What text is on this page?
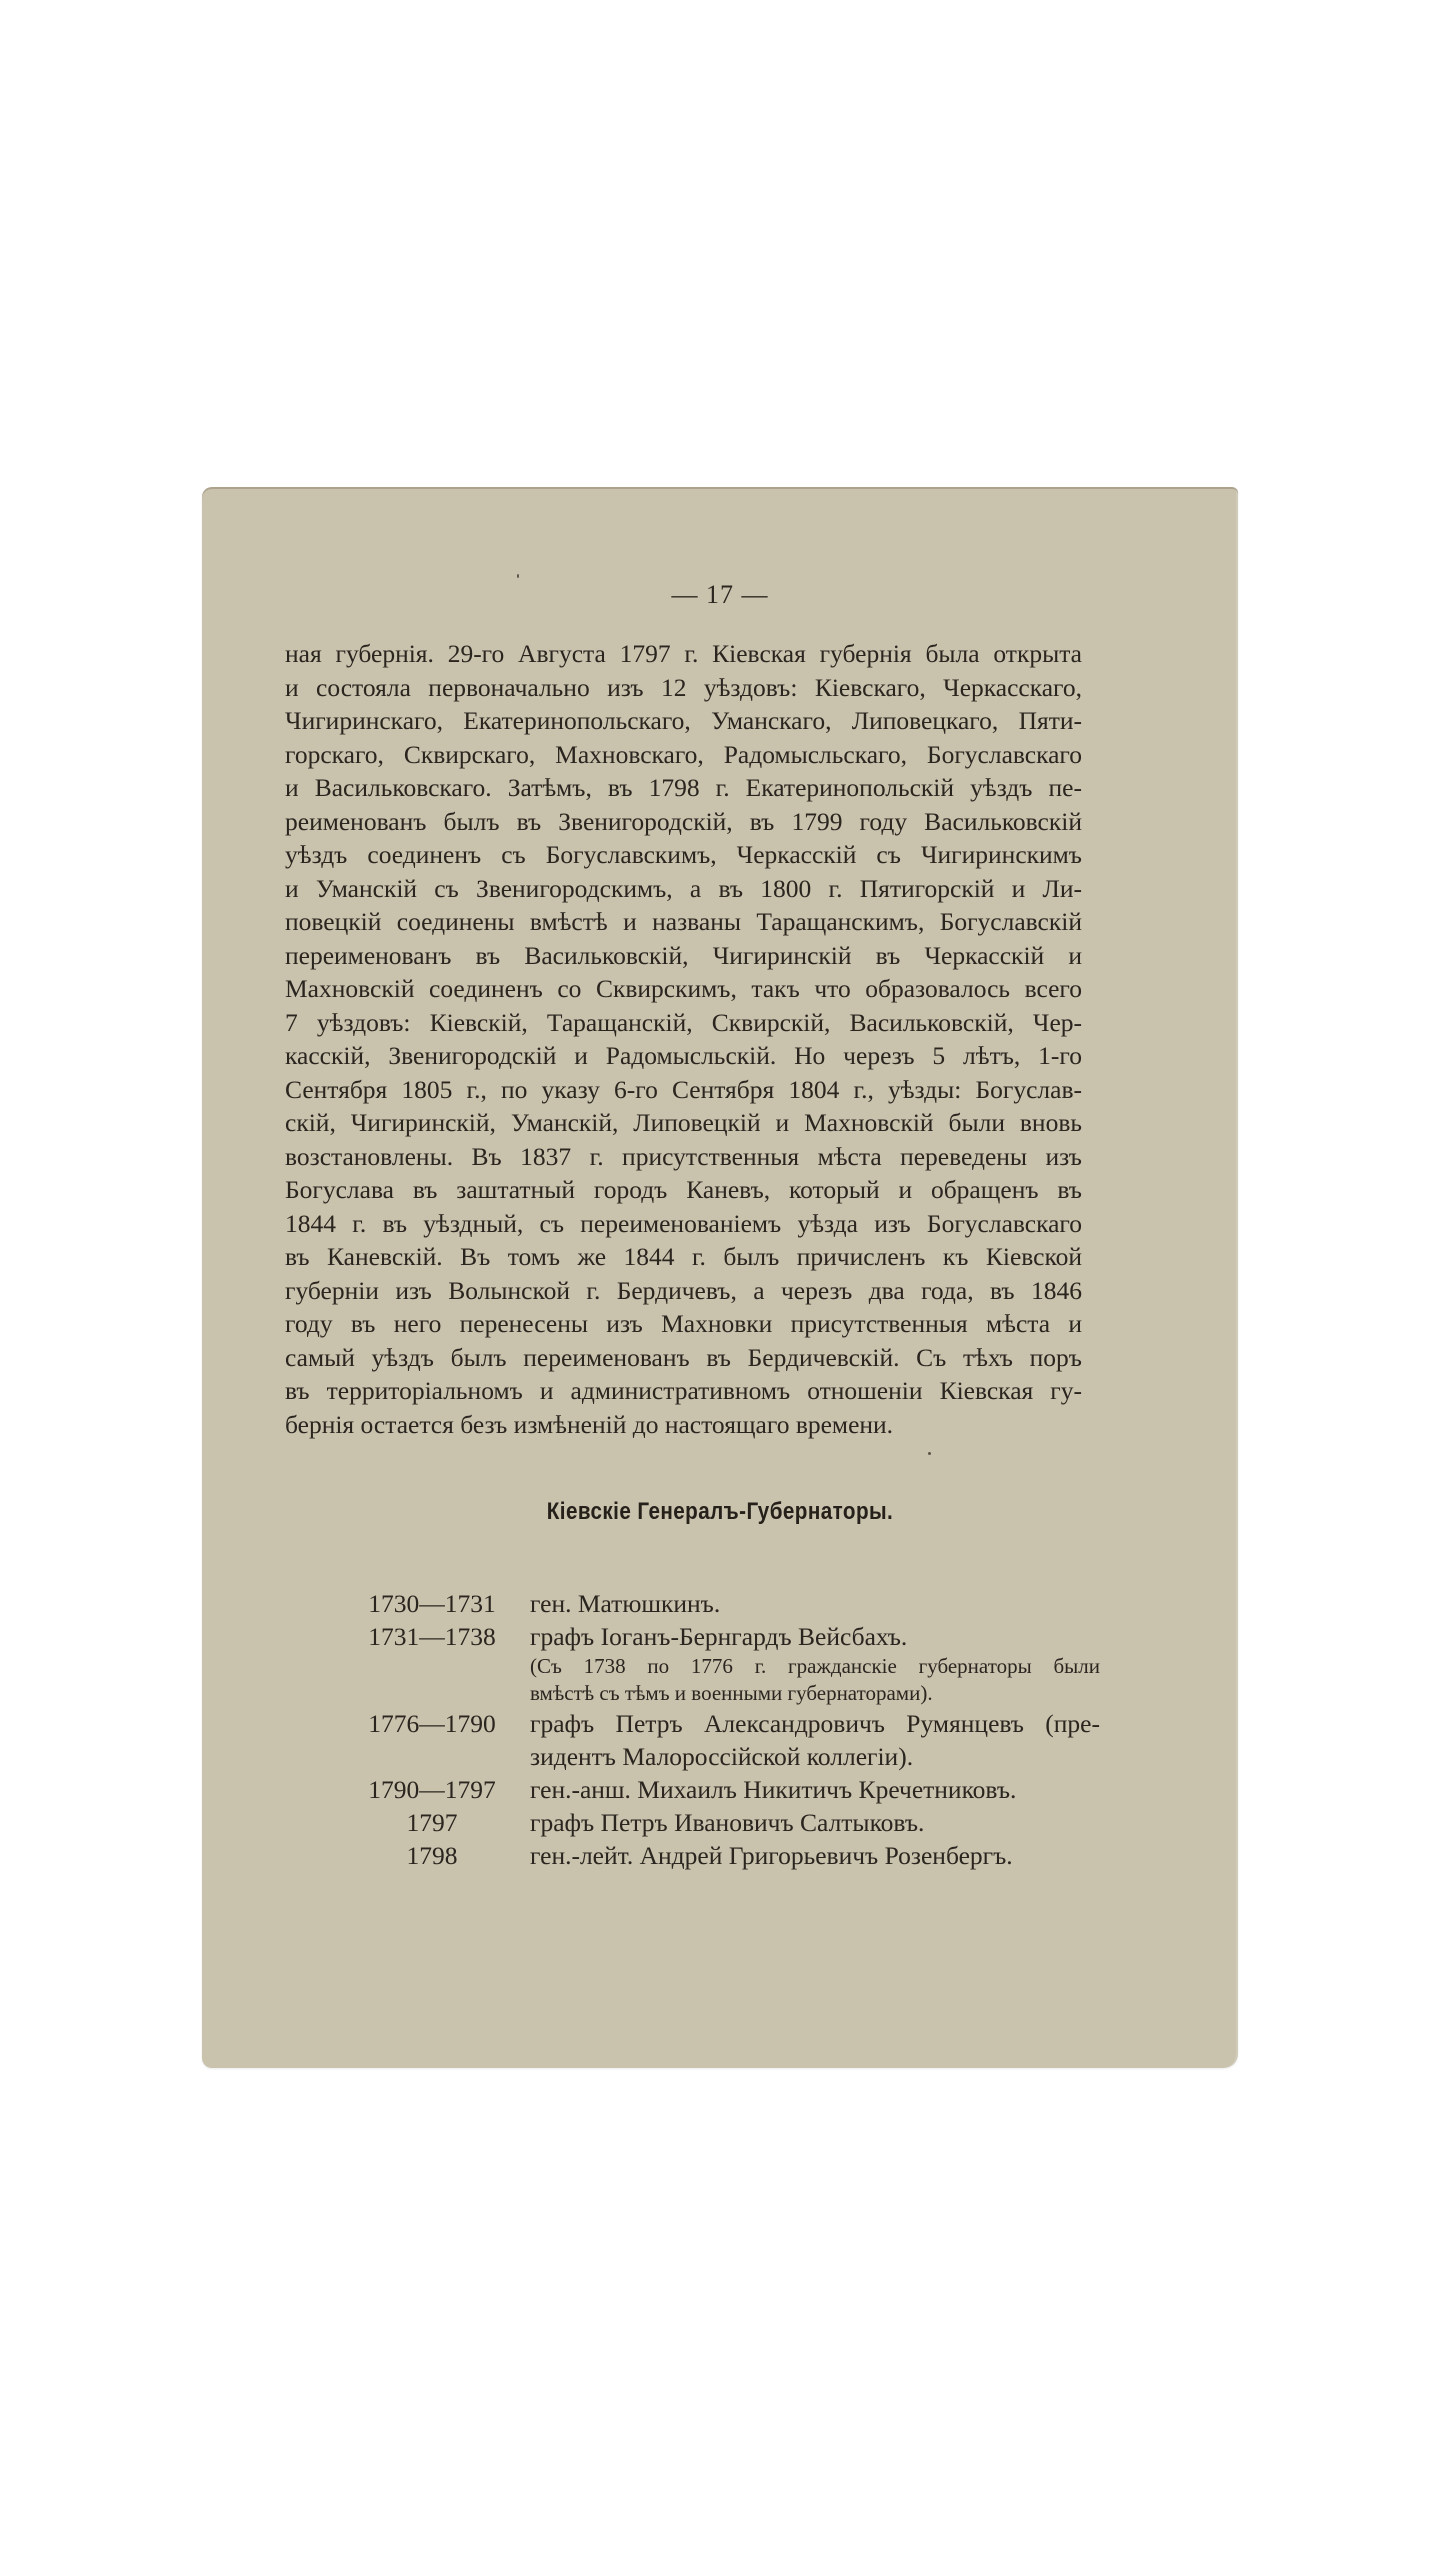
— 17 —
ная губернія. 29-го Августа 1797 г. Кіевская губернія была открыта
и состояла первоначально изъ 12 уѣздовъ: Кіевскаго, Черкасскаго,
Чигиринскаго, Екатеринопольскаго, Уманскаго, Липовецкаго, Пяти-
горскаго, Сквирскаго, Махновскаго, Радомысльскаго, Богуславскаго
и Васильковскаго. Затѣмъ, въ 1798 г. Екатеринопольскій уѣздъ пе-
реименованъ былъ въ Звенигородскій, въ 1799 году Васильковскій
уѣздъ соединенъ съ Богуславскимъ, Черкасскій съ Чигиринскимъ
и Уманскій съ Звенигородскимъ, а въ 1800 г. Пятигорскій и Ли-
повецкій соединены вмѣстѣ и названы Таращанскимъ, Богуславскій
переименованъ въ Васильковскій, Чигиринскій въ Черкасскій и
Махновскій соединенъ со Сквирскимъ, такъ что образовалось всего
7 уѣздовъ: Кіевскій, Таращанскій, Сквирскій, Васильковскій, Чер-
касскій, Звенигородскій и Радомысльскій. Но черезъ 5 лѣтъ, 1-го
Сентября 1805 г., по указу 6-го Сентября 1804 г., уѣзды: Богуслав-
скій, Чигиринскій, Уманскій, Липовецкій и Махновскій были вновь
возстановлены. Въ 1837 г. присутственныя мѣста переведены изъ
Богуслава въ заштатный городъ Каневъ, который и обращенъ въ
1844 г. въ уѣздный, съ переименованіемъ уѣзда изъ Богуславскаго
въ Каневскій. Въ томъ же 1844 г. былъ причисленъ къ Кіевской
губерніи изъ Волынской г. Бердичевъ, а черезъ два года, въ 1846
году въ него перенесены изъ Махновки присутственныя мѣста и
самый уѣздъ былъ переименованъ въ Бердичевскій. Съ тѣхъ поръ
въ территоріальномъ и административномъ отношеніи Кіевская гу-
бернія остается безъ измѣненій до настоящаго времени.
Кіевскіе Генералъ-Губернаторы.
1730—1731 ген. Матюшкинъ.
1731—1738 графъ Іоганъ-Бернгардъ Вейсбахъ.
(Съ 1738 по 1776 г. гражданскіе губернаторы были
вмѣстѣ съ тѣмъ и военными губернаторами).
1776—1790 графъ Петръ Александровичъ Румянцевъ (пре-
зидентъ Малороссійской коллегіи).
1790—1797 ген.-анш. Михаилъ Никитичъ Кречетниковъ.
1797	графъ Петръ Ивановичъ Салтыковъ.
1798	ген.-лейт. Андрей Григорьевичъ Розенбергъ.
